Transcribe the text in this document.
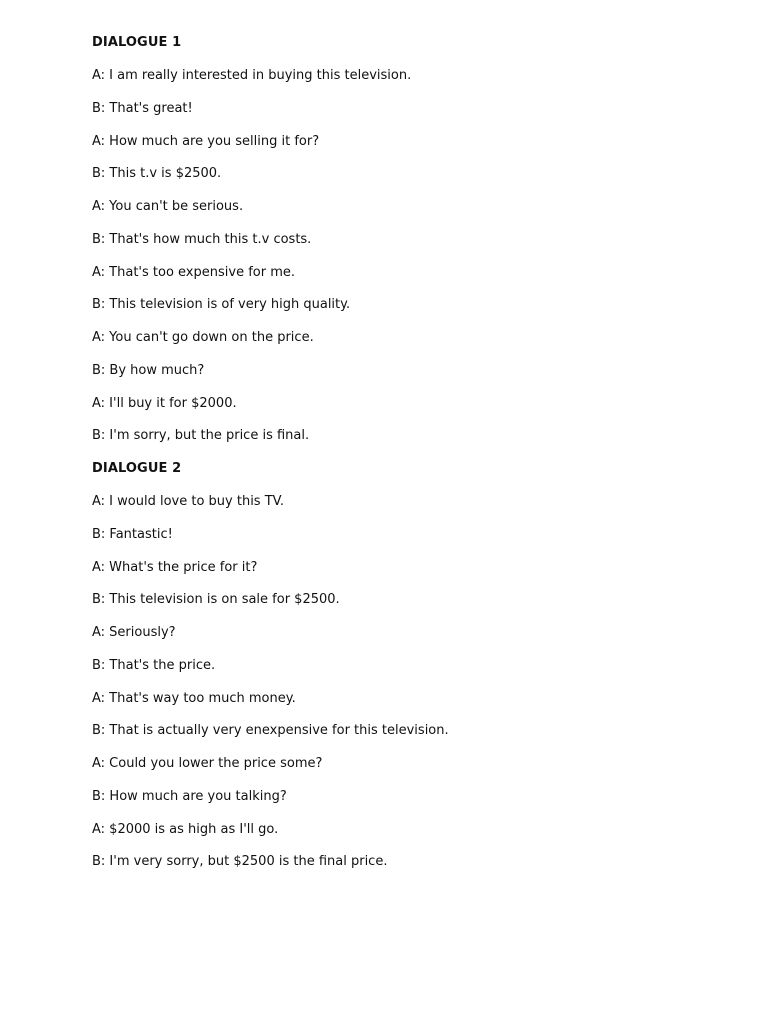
DIALOGUE 1
A: I am really interested in buying this television.
B: That's great!
A: How much are you selling it for?
B: This t.v is $2500.
A: You can't be serious.
B: That's how much this t.v costs.
A: That's too expensive for me.
B: This television is of very high quality.
A: You can't go down on the price.
B: By how much?
A: I'll buy it for $2000.
B: I'm sorry, but the price is final.
DIALOGUE 2
A: I would love to buy this TV.
B: Fantastic!
A: What's the price for it?
B: This television is on sale for $2500.
A: Seriously?
B: That's the price.
A: That's way too much money.
B: That is actually very enexpensive for this television.
A: Could you lower the price some?
B: How much are you talking?
A: $2000 is as high as I'll go.
B: I'm very sorry, but $2500 is the final price.
